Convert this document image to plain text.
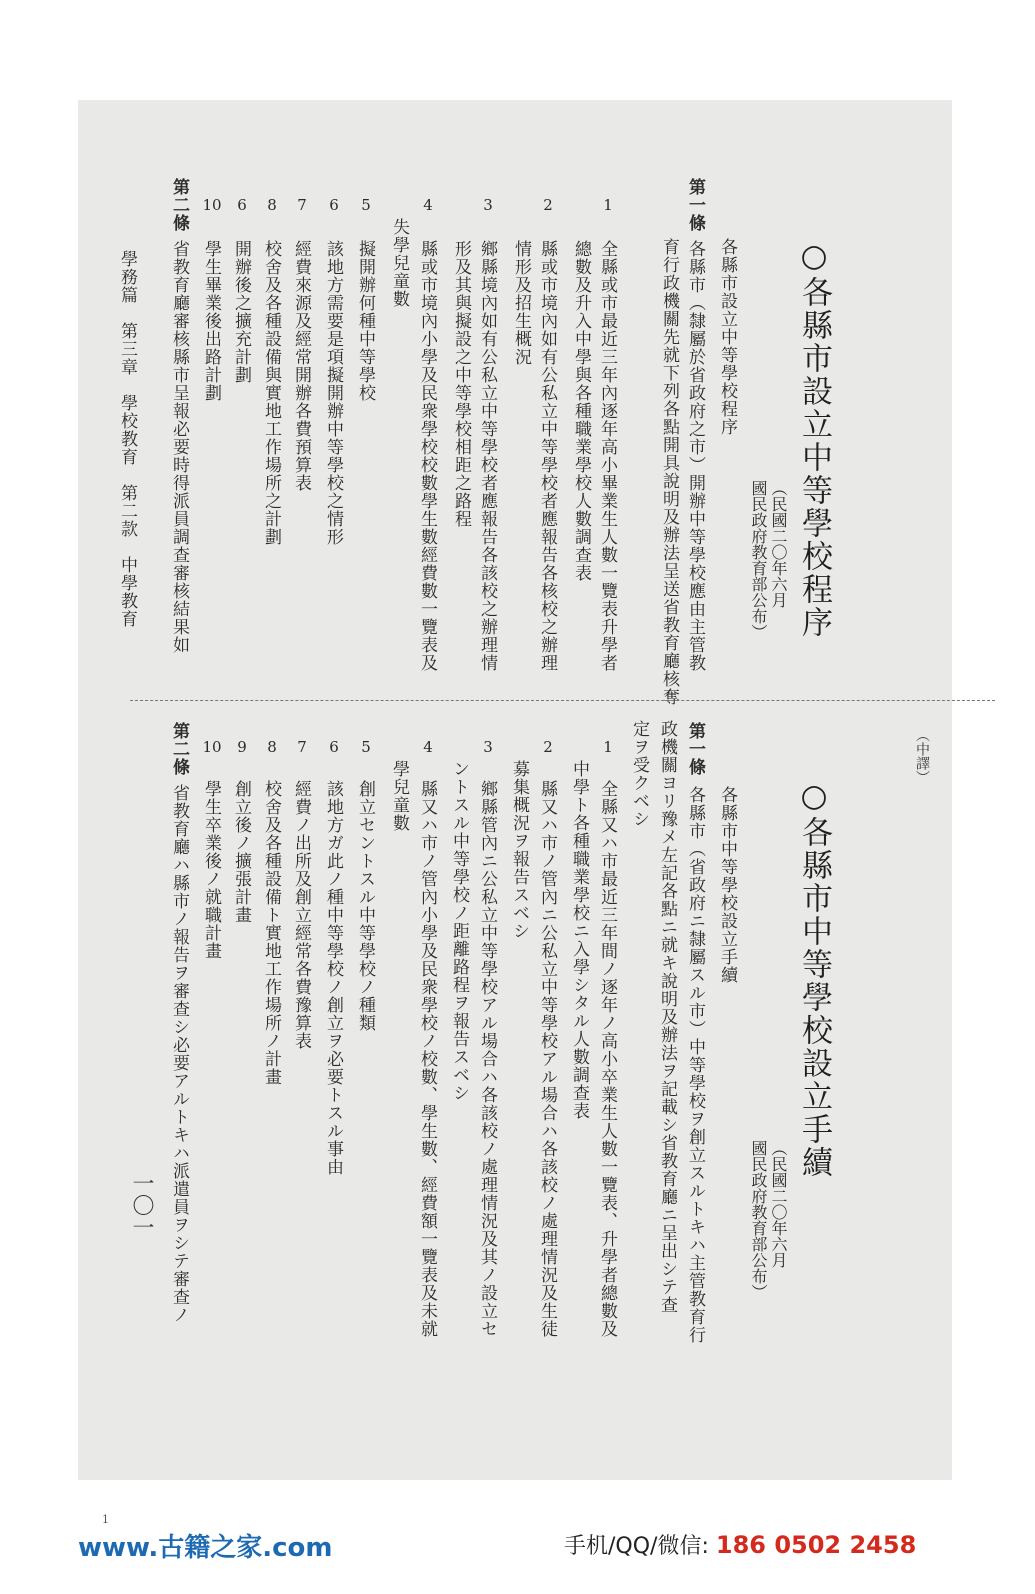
○各縣市設立中等學校程序
（民國二〇年六月
國民政府教育部公布）
各縣市設立中等學校程序
第一條
各縣市（隸屬於省政府之市）開辦中等學校應由主管教
育行政機關先就下列各點開具說明及辦法呈送省教育廳核奪
1
全縣或市最近三年內逐年高小畢業生人數一覽表升學者
總數及升入中學與各種職業學校人數調查表
2
縣或市境內如有公私立中等學校者應報告各核校之辦理
情形及招生概況
3
鄉縣境內如有公私立中等學校者應報告各該校之辦理情
形及其與擬設之中等學校相距之路程
4
縣或市境內小學及民衆學校校數學生數經費數一覽表及
失學兒童數
5
擬開辦何種中等學校
6
該地方需要是項擬開辦中等學校之情形
7
經費來源及經常開辦各費預算表
8
校舍及各種設備與實地工作場所之計劃
6
開辦後之擴充計劃
10
學生畢業後出路計劃
第二條
省教育廳審核縣市呈報必要時得派員調查審核結果如
學務篇　第三章　學校教育　第二款　中學教育
（中譯）
○各縣市中等學校設立手續
（民國二〇年六月
國民政府教育部公布）
各縣市中等學校設立手續
第一條
各縣市（省政府ニ隸屬スル市）中等學校ヲ創立スルトキハ主管教育行
政機關ヨリ豫メ左記各點ニ就キ說明及辦法ヲ記載シ省教育廳ニ呈出シテ查
定ヲ受クベシ
1
全縣又ハ市最近三年間ノ逐年ノ高小卒業生人數一覽表、升學者總數及
中學ト各種職業學校ニ入學シタル人數調查表
2
縣又ハ市ノ管內ニ公私立中等學校アル場合ハ各該校ノ處理情況及生徒
募集概況ヲ報告スベシ
3
鄉縣管內ニ公私立中等學校アル場合ハ各該校ノ處理情況及其ノ設立セ
ントスル中等學校ノ距離路程ヲ報告スベシ
4
縣又ハ市ノ管內小學及民衆學校ノ校數、學生數、經費額一覽表及未就
學兒童數
5
創立セントスル中等學校ノ種類
6
該地方ガ此ノ種中等學校ノ創立ヲ必要トスル事由
7
經費ノ出所及創立經常各費豫算表
8
校舍及各種設備ト實地工作場所ノ計畫
9
創立後ノ擴張計畫
10
學生卒業後ノ就職計畫
第二條
省教育廳ハ縣市ノ報告ヲ審查シ必要アルトキハ派遣員ヲシテ審查ノ
一〇一
1
www.古籍之家.com	手机/QQ/微信: 186 0502 2458
